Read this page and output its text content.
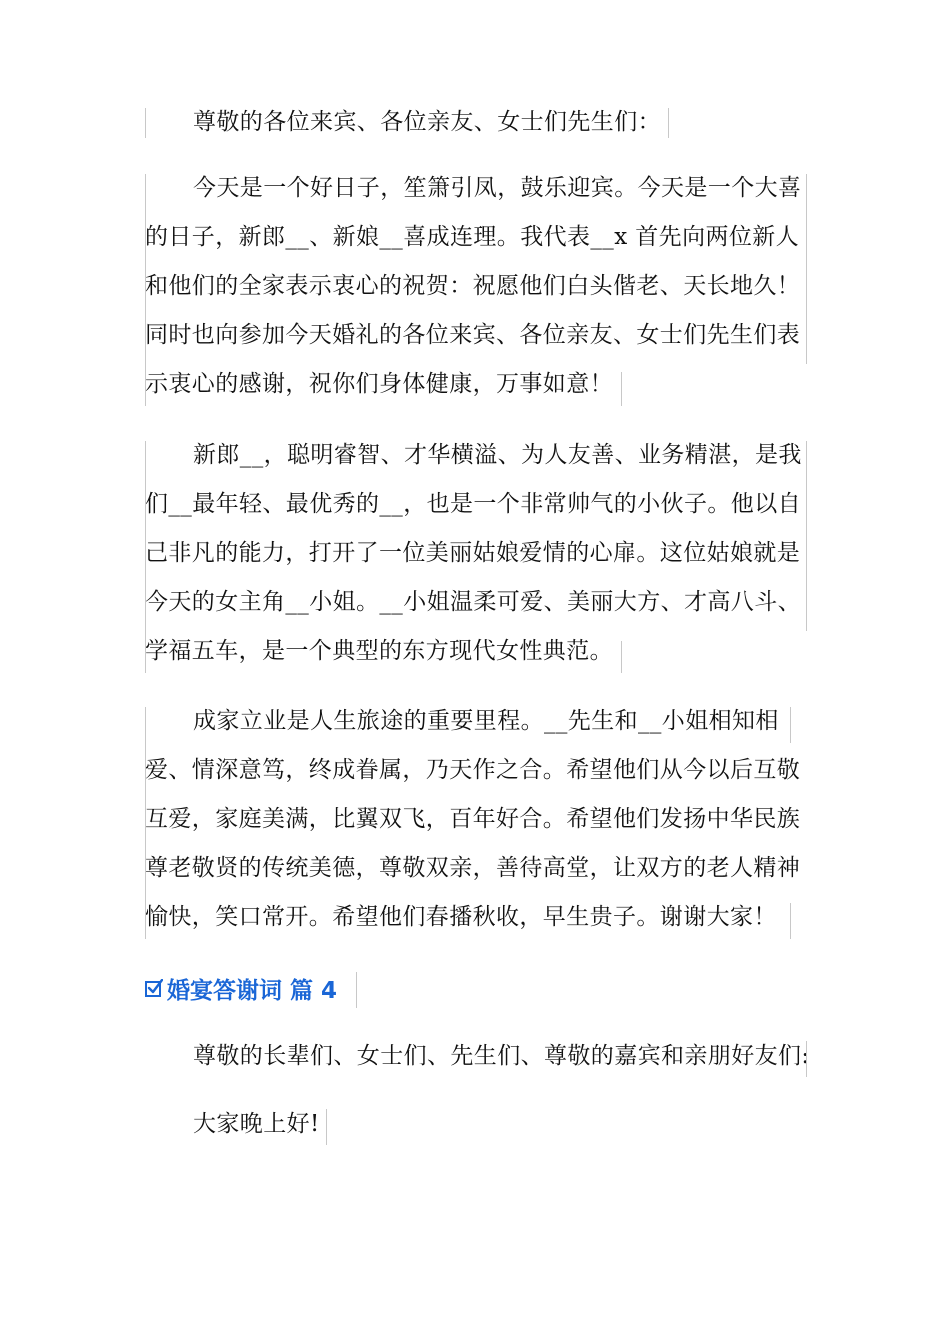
尊敬的各位来宾、各位亲友、女士们先生们：
今天是一个好日子，笙箫引凤，鼓乐迎宾。今天是一个大喜
的日子，新郎__、新娘__喜成连理。我代表__x 首先向两位新人
和他们的全家表示衷心的祝贺：祝愿他们白头偕老、天长地久！
同时也向参加今天婚礼的各位来宾、各位亲友、女士们先生们表
示衷心的感谢，祝你们身体健康，万事如意！
新郎__，聪明睿智、才华横溢、为人友善、业务精湛，是我
们__最年轻、最优秀的__，也是一个非常帅气的小伙子。他以自
己非凡的能力，打开了一位美丽姑娘爱情的心扉。这位姑娘就是
今天的女主角__小姐。__小姐温柔可爱、美丽大方、才高八斗、
学福五车，是一个典型的东方现代女性典范。
成家立业是人生旅途的重要里程。__先生和__小姐相知相
爱、情深意笃，终成眷属，乃天作之合。希望他们从今以后互敬
互爱，家庭美满，比翼双飞，百年好合。希望他们发扬中华民族
尊老敬贤的传统美德，尊敬双亲，善待高堂，让双方的老人精神
愉快，笑口常开。希望他们春播秋收，早生贵子。谢谢大家！
婚宴答谢词 篇 4
尊敬的长辈们、女士们、先生们、尊敬的嘉宾和亲朋好友们:
大家晚上好!
